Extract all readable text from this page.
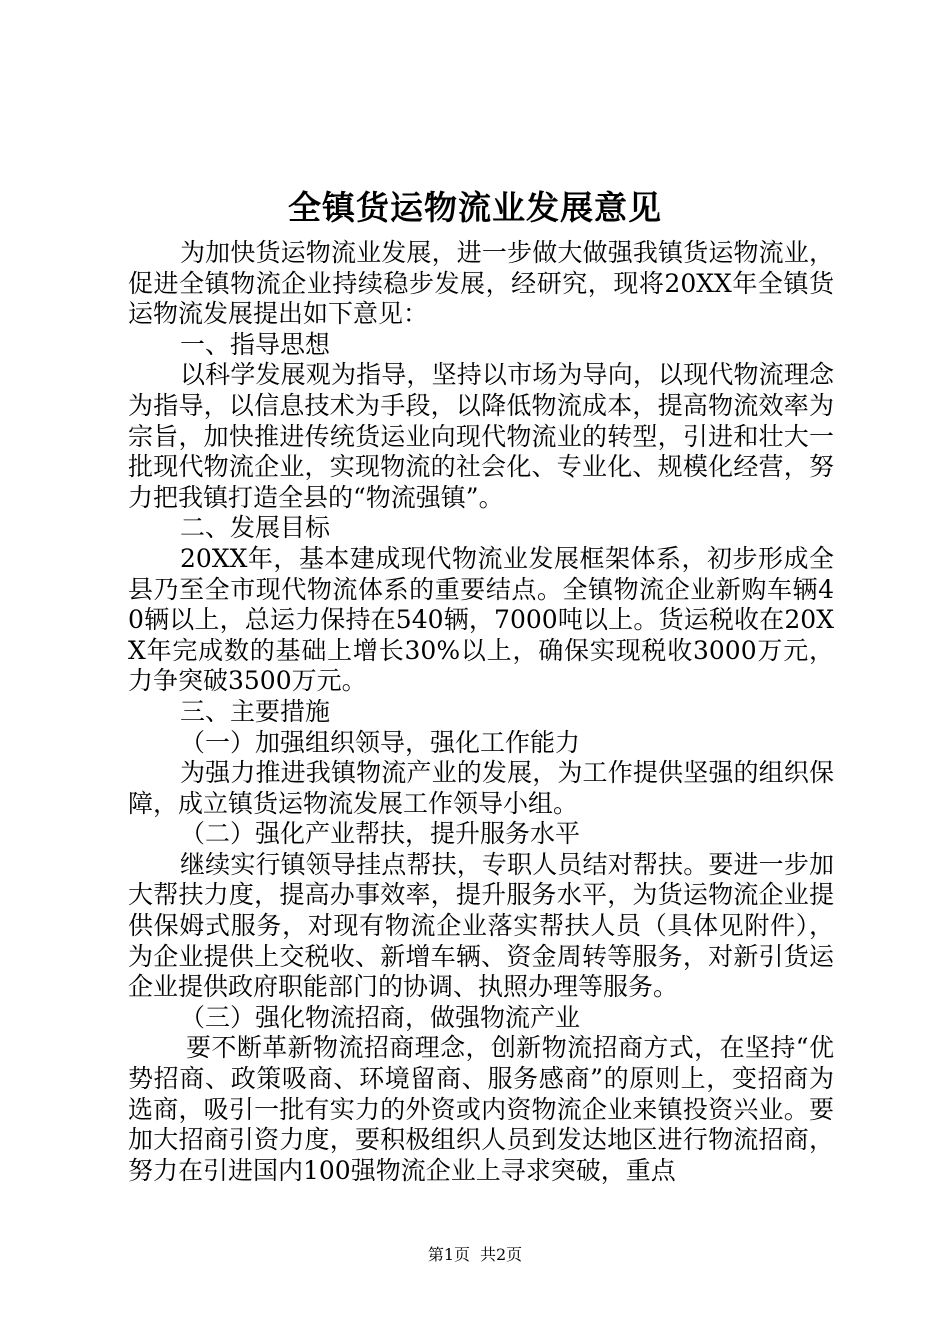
全镇货运物流业发展意见

为加快货运物流业发展，进一步做大做强我镇货运物流业，促进全镇物流企业持续稳步发展，经研究，现将20XX年全镇货运物流发展提出如下意见：

一、指导思想

以科学发展观为指导，坚持以市场为导向，以现代物流理念为指导，以信息技术为手段，以降低物流成本，提高物流效率为宗旨，加快推进传统货运业向现代物流业的转型，引进和壮大一批现代物流企业，实现物流的社会化、专业化、规模化经营，努力把我镇打造全县的“物流强镇”。

二、发展目标

20XX年，基本建成现代物流业发展框架体系，初步形成全县乃至全市现代物流体系的重要结点。全镇物流企业新购车辆40辆以上，总运力保持在540辆，7000吨以上。货运税收在20XX年完成数的基础上增长30%以上，确保实现税收3000万元，力争突破3500万元。

三、主要措施

（一）加强组织领导，强化工作能力

为强力推进我镇物流产业的发展，为工作提供坚强的组织保障，成立镇货运物流发展工作领导小组。

（二）强化产业帮扶，提升服务水平

继续实行镇领导挂点帮扶，专职人员结对帮扶。要进一步加大帮扶力度，提高办事效率，提升服务水平，为货运物流企业提供保姆式服务，对现有物流企业落实帮扶人员（具体见附件），为企业提供上交税收、新增车辆、资金周转等服务，对新引货运企业提供政府职能部门的协调、执照办理等服务。

（三）强化物流招商，做强物流产业

要不断革新物流招商理念，创新物流招商方式，在坚持“优势招商、政策吸商、环境留商、服务感商”的原则上，变招商为选商，吸引一批有实力的外资或内资物流企业来镇投资兴业。要加大招商引资力度，要积极组织人员到发达地区进行物流招商，努力在引进国内100强物流企业上寻求突破，重点

第1页 共2页
